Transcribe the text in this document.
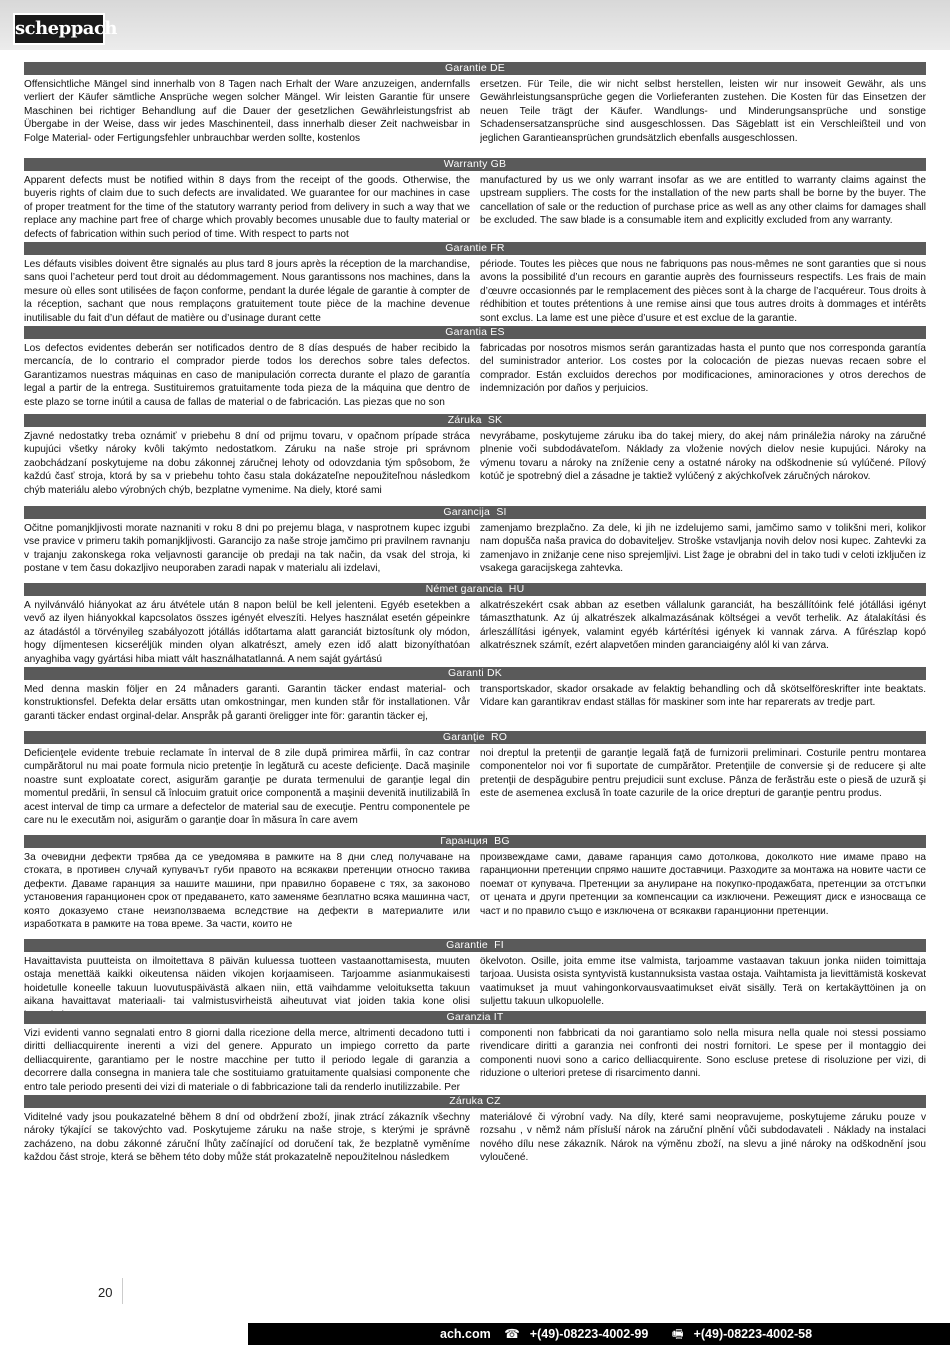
scheppach
Garantie DE
Offensichtliche Mängel sind innerhalb von 8 Tagen nach Erhalt der Ware anzuzeigen, andernfalls verliert der Käufer sämtliche Ansprüche wegen solcher Mängel. Wir leisten Garantie für unsere Maschinen bei richtiger Behandlung auf die Dauer der gesetzlichen Gewährleistungsfrist ab Übergabe in der Weise, dass wir jedes Maschinenteil, dass innerhalb dieser Zeit nachweisbar in Folge Material- oder Fertigungsfehler unbrauchbar werden sollte, kostenlos
ersetzen. Für Teile, die wir nicht selbst herstellen, leisten wir nur insoweit Gewähr, als uns Gewährleistungsansprüche gegen die Vorlieferanten zustehen. Die Kosten für das Einsetzen der neuen Teile trägt der Käufer. Wandlungs- und Minderungsansprüche und sonstige Schadensersatzansprüche sind ausgeschlossen. Das Sägeblatt ist ein Verschleißteil und von jeglichen Garantieansprüchen grundsätzlich ebenfalls ausgeschlossen.
Warranty GB
Apparent defects must be notified within 8 days from the receipt of the goods. Otherwise, the buyeris rights of claim due to such defects are invalidated. We guarantee for our machines in case of proper treatment for the time of the statutory warranty period from delivery in such a way that we replace any machine part free of charge which provably becomes unusable due to faulty material or defects of fabrication within such period of time. With respect to parts not
manufactured by us we only warrant insofar as we are entitled to warranty claims against the upstream suppliers. The costs for the installation of the new parts shall be borne by the buyer. The cancellation of sale or the reduction of purchase price as well as any other claims for damages shall be excluded. The saw blade is a consumable item and explicitly excluded from any warranty.
Garantie FR
Les défauts visibles doivent être signalés au plus tard 8 jours après la réception de la marchandise, sans quoi l’acheteur perd tout droit au dédommagement. Nous garantissons nos machines, dans la mesure où elles sont utilisées de façon conforme, pendant la durée légale de garantie à compter de la réception, sachant que nous remplaçons gratuitement toute pièce de la machine devenue inutilisable du fait d’un défaut de matière ou d’usinage durant cette
période. Toutes les pièces que nous ne fabriquons pas nous-mêmes ne sont garanties que si nous avons la possibilité d’un recours en garantie auprès des fournisseurs respectifs. Les frais de main d’œuvre occasionnés par le remplacement des pièces sont à la charge de l’acquéreur. Tous droits à rédhibition et toutes prétentions à une remise ainsi que tous autres droits à dommages et intérêts sont exclus. La lame est une pièce d’usure et est exclue de la garantie.
Garantia ES
Los defectos evidentes deberán ser notificados dentro de 8 días después de haber recibido la mercancía, de lo contrario el comprador pierde todos los derechos sobre tales defectos. Garantizamos nuestras máquinas en caso de manipulación correcta durante el plazo de garantía legal a partir de la entrega. Sustituiremos gratuitamente toda pieza de la máquina que dentro de este plazo se torne inútil a causa de fallas de material o de fabricación. Las piezas que no son
fabricadas por nosotros mismos serán garantizadas hasta el punto que nos corresponda garantía del suministrador anterior. Los costes por la colocación de piezas nuevas recaen sobre el comprador. Están excluidos derechos por modificaciones, aminoraciones y otros derechos de indemnización por daños y perjuicios.
Záruka  SK
Zjavné nedostatky treba oznámiť v priebehu 8 dní od prijmu tovaru, v opačnom prípade stráca kupujúci všetky nároky kvôli takýmto nedostatkom. Záruku na naše stroje pri správnom zaobchádzaní poskytujeme na dobu zákonnej záručnej lehoty od odovzdania tým spôsobom, že každú časť stroja, ktorá by sa v priebehu tohto času stala dokázateľne nepoužiteľnou následkom chýb materiálu alebo výrobných chýb, bezplatne vymenime. Na diely, ktoré sami
nevyrábame, poskytujeme záruku iba do takej miery, do akej nám prináležia nároky na záručné plnenie voči subdodávateľom. Náklady za vloženie nových dielov nesie kupujúci. Nároky na výmenu tovaru a nároky na zníženie ceny a ostatné nároky na odškodnenie sú vylúčené. Pílový kotúč je spotrebný diel a zásadne je taktiež vylúčený z akýchkoľvek záručných nárokov.
Garancija  SI
Očitne pomanjkljivosti morate naznaniti v roku 8 dni po prejemu blaga, v nasprotnem kupec izgubi vse pravice v primeru takih pomanjkljivosti. Garancijo za naše stroje jamčimo pri pravilnem ravnanju v trajanju zakonskega roka veljavnosti garancije ob predaji na tak način, da vsak del stroja, ki postane v tem času dokazljivo neuporaben zaradi napak v materialu ali izdelavi,
zamenjamo brezplačno. Za dele, ki jih ne izdelujemo sami, jamčimo samo v tolikšni meri, kolikor nam dopušča naša pravica do dobaviteljev. Stroške vstavljanja novih delov nosi kupec. Zahtevki za zamenjavo in znižanje cene niso sprejemljivi. List žage je obrabni del in tako tudi v celoti izključen iz vsakega garacijskega zahtevka.
Német garancia  HU
A nyilvánváló hiányokat az áru átvétele után 8 napon belül be kell jelenteni. Egyéb esetekben a vevő az ilyen hiányokkal kapcsolatos összes igényét elveszíti. Helyes használat esetén gépeinkre az átadástól a törvényileg szabályozott jótállás időtartama alatt garanciát biztosítunk oly módon, hogy díjmentesen kicseréljük minden olyan alkatrészt, amely ezen idő alatt bizonyíthatóan anyaghiba vagy gyártási hiba miatt vált használhatatlanná. A nem saját gyártású
alkatrészekért csak abban az esetben vállalunk garanciát, ha beszállítóink felé jótállási igényt támaszthatunk. Az új alkatrészek alkalmazásának költségei a vevőt terhelik. Az átalakítási és árleszállítási igények, valamint egyéb kártérítési igények ki vannak zárva. A fűrészlap kopó alkatrésznek számít, ezért alapvetően minden garanciaigény alól ki van zárva.
Garanti DK
Med denna maskin följer en 24 månaders garanti. Garantin täcker endast material- och konstruktionsfel. Defekta delar ersätts utan omkostningar, men kunden står för installationen. Vår garanti täcker endast orginal-delar. Anspråk på garanti öreligger inte för: garantin täcker ej,
transportskador, skador orsakade av felaktig behandling och då skötselföreskrifter inte beaktats. Vidare kan garantikrav endast ställas för maskiner som inte har reparerats av tredje part.
Garanţie  RO
Deficienţele evidente trebuie reclamate în interval de 8 zile după primirea mărfii, în caz contrar cumpărătorul nu mai poate formula nicio pretenţie în legătură cu aceste deficienţe. Dacă maşinile noastre sunt exploatate corect, asigurăm garanţie pe durata termenului de garanţie legal din momentul predării, în sensul că înlocuim gratuit orice componentă a maşinii devenită inutilizabilă în acest interval de timp ca urmare a defectelor de material sau de execuţie. Pentru componentele pe care nu le executăm noi, asigurăm o garanţie doar în măsura în care avem
noi dreptul la pretenţii de garanţie legală faţă de furnizorii preliminari. Costurile pentru montarea componentelor noi vor fi suportate de cumpărător. Pretenţiile de conversie şi de reducere şi alte pretenţii de despăgubire pentru prejudicii sunt excluse. Pânza de ferăstrău este o piesă de uzură şi este de asemenea exclusă în toate cazurile de la orice drepturi de garanţie pentru produs.
Гаранция  BG
За очевидни дефекти трябва да се уведомява в рамките на 8 дни след получаване на стоката, в противен случай купувачът губи правото на всякакви претенции относно такива дефекти. Даваме гаранция за нашите машини, при правилно боравене с тях, за законово установения гаранционен срок от предаването, като заменяме безплатно всяка машинна част, която доказуемо стане неизползваема вследствие на дефекти в материалите или изработката в рамките на това време. За части, които не
произвеждаме сами, даваме гаранция само дотолкова, доколкото ние имаме право на гаранционни претенции спрямо нашите доставчици. Разходите за монтажа на новите части се поемат от купувача. Претенции за анулиране на покупко-продажбата, претенции за отстъпки от цената и други претенции за компенсации са изключени. Режещият диск е износваща се част и по правило също е изключена от всякакви гаранционни претенции.
Garantie  FI
Havaittavista puutteista on ilmoitettava 8 päivän kuluessa tuotteen vastaanottamisesta, muuten ostaja menettää kaikki oikeutensa näiden vikojen korjaamiseen. Tarjoamme asianmukaisesti hoidetulle koneelle takuun luovutuspäivästä alkaen niin, että vaihdamme veloituksetta takuun aikana havaittavat materiaali- tai valmistusvirheistä aiheutuvat viat joiden takia kone olisi
ökelvoton. Osille, joita emme itse valmista, tarjoamme vastaavan takuun jonka niiden toimittaja tarjoaa. Uusista osista syntyvistä kustannuksista vastaa ostaja. Vaihtamista ja lievittämistä koskevat vaatimukset ja muut vahingonkorvausvaatimukset eivät sisälly. Terä on kertakäyttöinen ja on suljettu takuun ulkopuolelle.
Garanzia IT
Vizi evidenti vanno segnalati entro 8 giorni dalla ricezione della merce, altrimenti decadono tutti i diritti delliacquirente inerenti a vizi del genere. Appurato un impiego corretto da parte delliacquirente, garantiamo per le nostre macchine per tutto il periodo legale di garanzia a decorrere dalla consegna in maniera tale che sostituiamo gratuitamente qualsiasi componente che entro tale periodo presenti dei vizi di materiale o di fabbricazione tali da renderlo inutilizzabile. Per
componenti non fabbricati da noi garantiamo solo nella misura nella quale noi stessi possiamo rivendicare diritti a garanzia nei confronti dei nostri fornitori. Le spese per il montaggio dei componenti nuovi sono a carico delliacquirente. Sono escluse pretese di risoluzione per vizi, di riduzione o ulteriori pretese di risarcimento danni.
Záruka CZ
Viditelné vady jsou poukazatelné během 8 dní od obdržení zboží, jinak ztrácí zákazník všechny nároky týkající se takovýchto vad. Poskytujeme záruku na naše stroje, s kterými je správně zacházeno, na dobu zákonné záruční lhůty začínající od doručení tak, že bezplatně vyměníme každou část stroje, která se během této doby může stát prokazatelně nepoužitelnou následkem
materiálové či výrobní vady. Na díly, které sami neopravujeme, poskytujeme záruku pouze v rozsahu , v němž nám přísluší nárok na záruční plnění vůči subdodavateli . Náklady na instalaci nového dílu nese zákazník. Nárok na výměnu zboží, na slevu a jiné nároky na odškodnění jsou vyloučené.
20
ach.com ☎ +(49)-08223-4002-99 🖷 +(49)-08223-4002-58
